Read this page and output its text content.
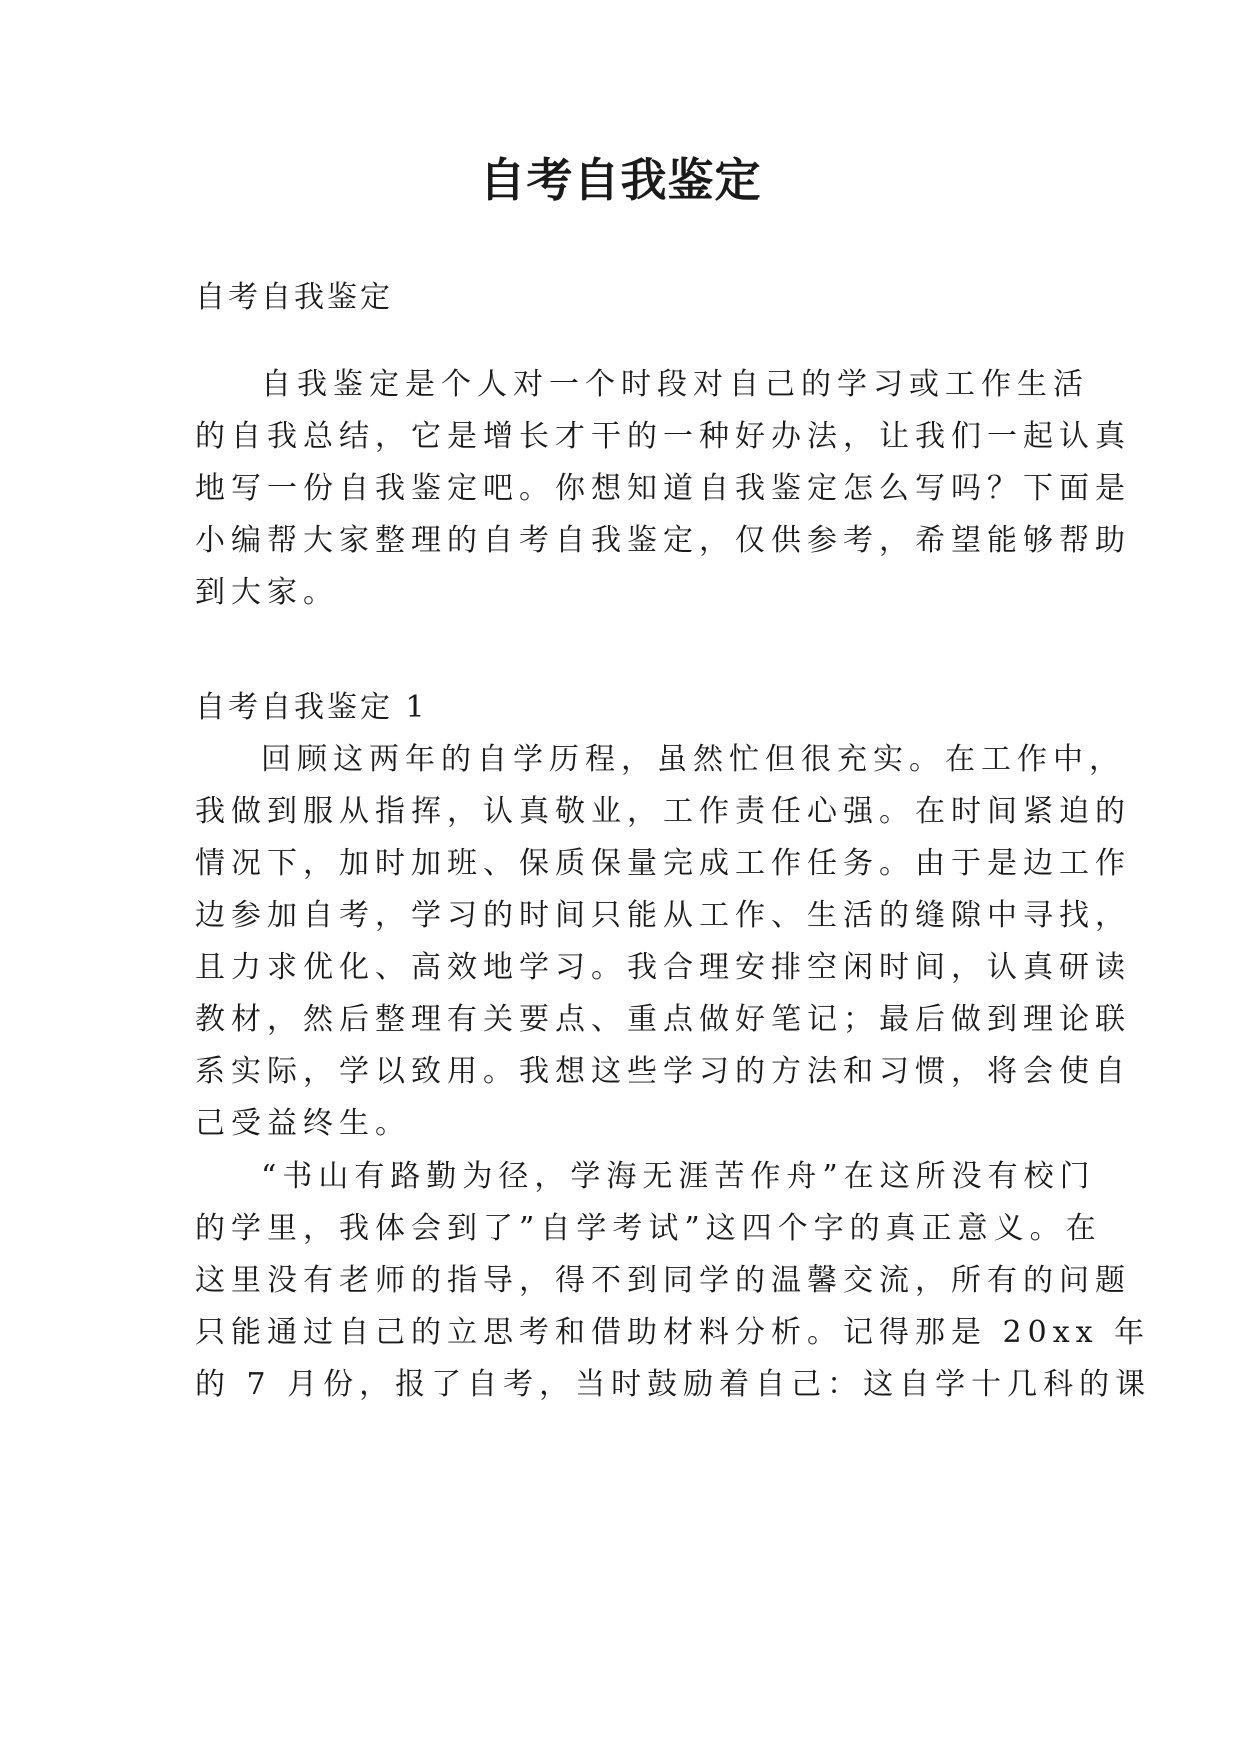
自考自我鉴定
自考自我鉴定
自我鉴定是个人对一个时段对自己的学习或工作生活
的自我总结，它是增长才干的一种好办法，让我们一起认真
地写一份自我鉴定吧。你想知道自我鉴定怎么写吗？下面是
小编帮大家整理的自考自我鉴定，仅供参考，希望能够帮助
到大家。
自考自我鉴定 1
回顾这两年的自学历程，虽然忙但很充实。在工作中，
我做到服从指挥，认真敬业，工作责任心强。在时间紧迫的
情况下，加时加班、保质保量完成工作任务。由于是边工作
边参加自考，学习的时间只能从工作、生活的缝隙中寻找，
且力求优化、高效地学习。我合理安排空闲时间，认真研读
教材，然后整理有关要点、重点做好笔记；最后做到理论联
系实际，学以致用。我想这些学习的方法和习惯，将会使自
己受益终生。
“书山有路勤为径，学海无涯苦作舟”在这所没有校门
的学里，我体会到了”自学考试”这四个字的真正意义。在
这里没有老师的指导，得不到同学的温馨交流，所有的问题
只能通过自己的立思考和借助材料分析。记得那是 20xx 年
的 7 月份，报了自考，当时鼓励着自己：这自学十几科的课
